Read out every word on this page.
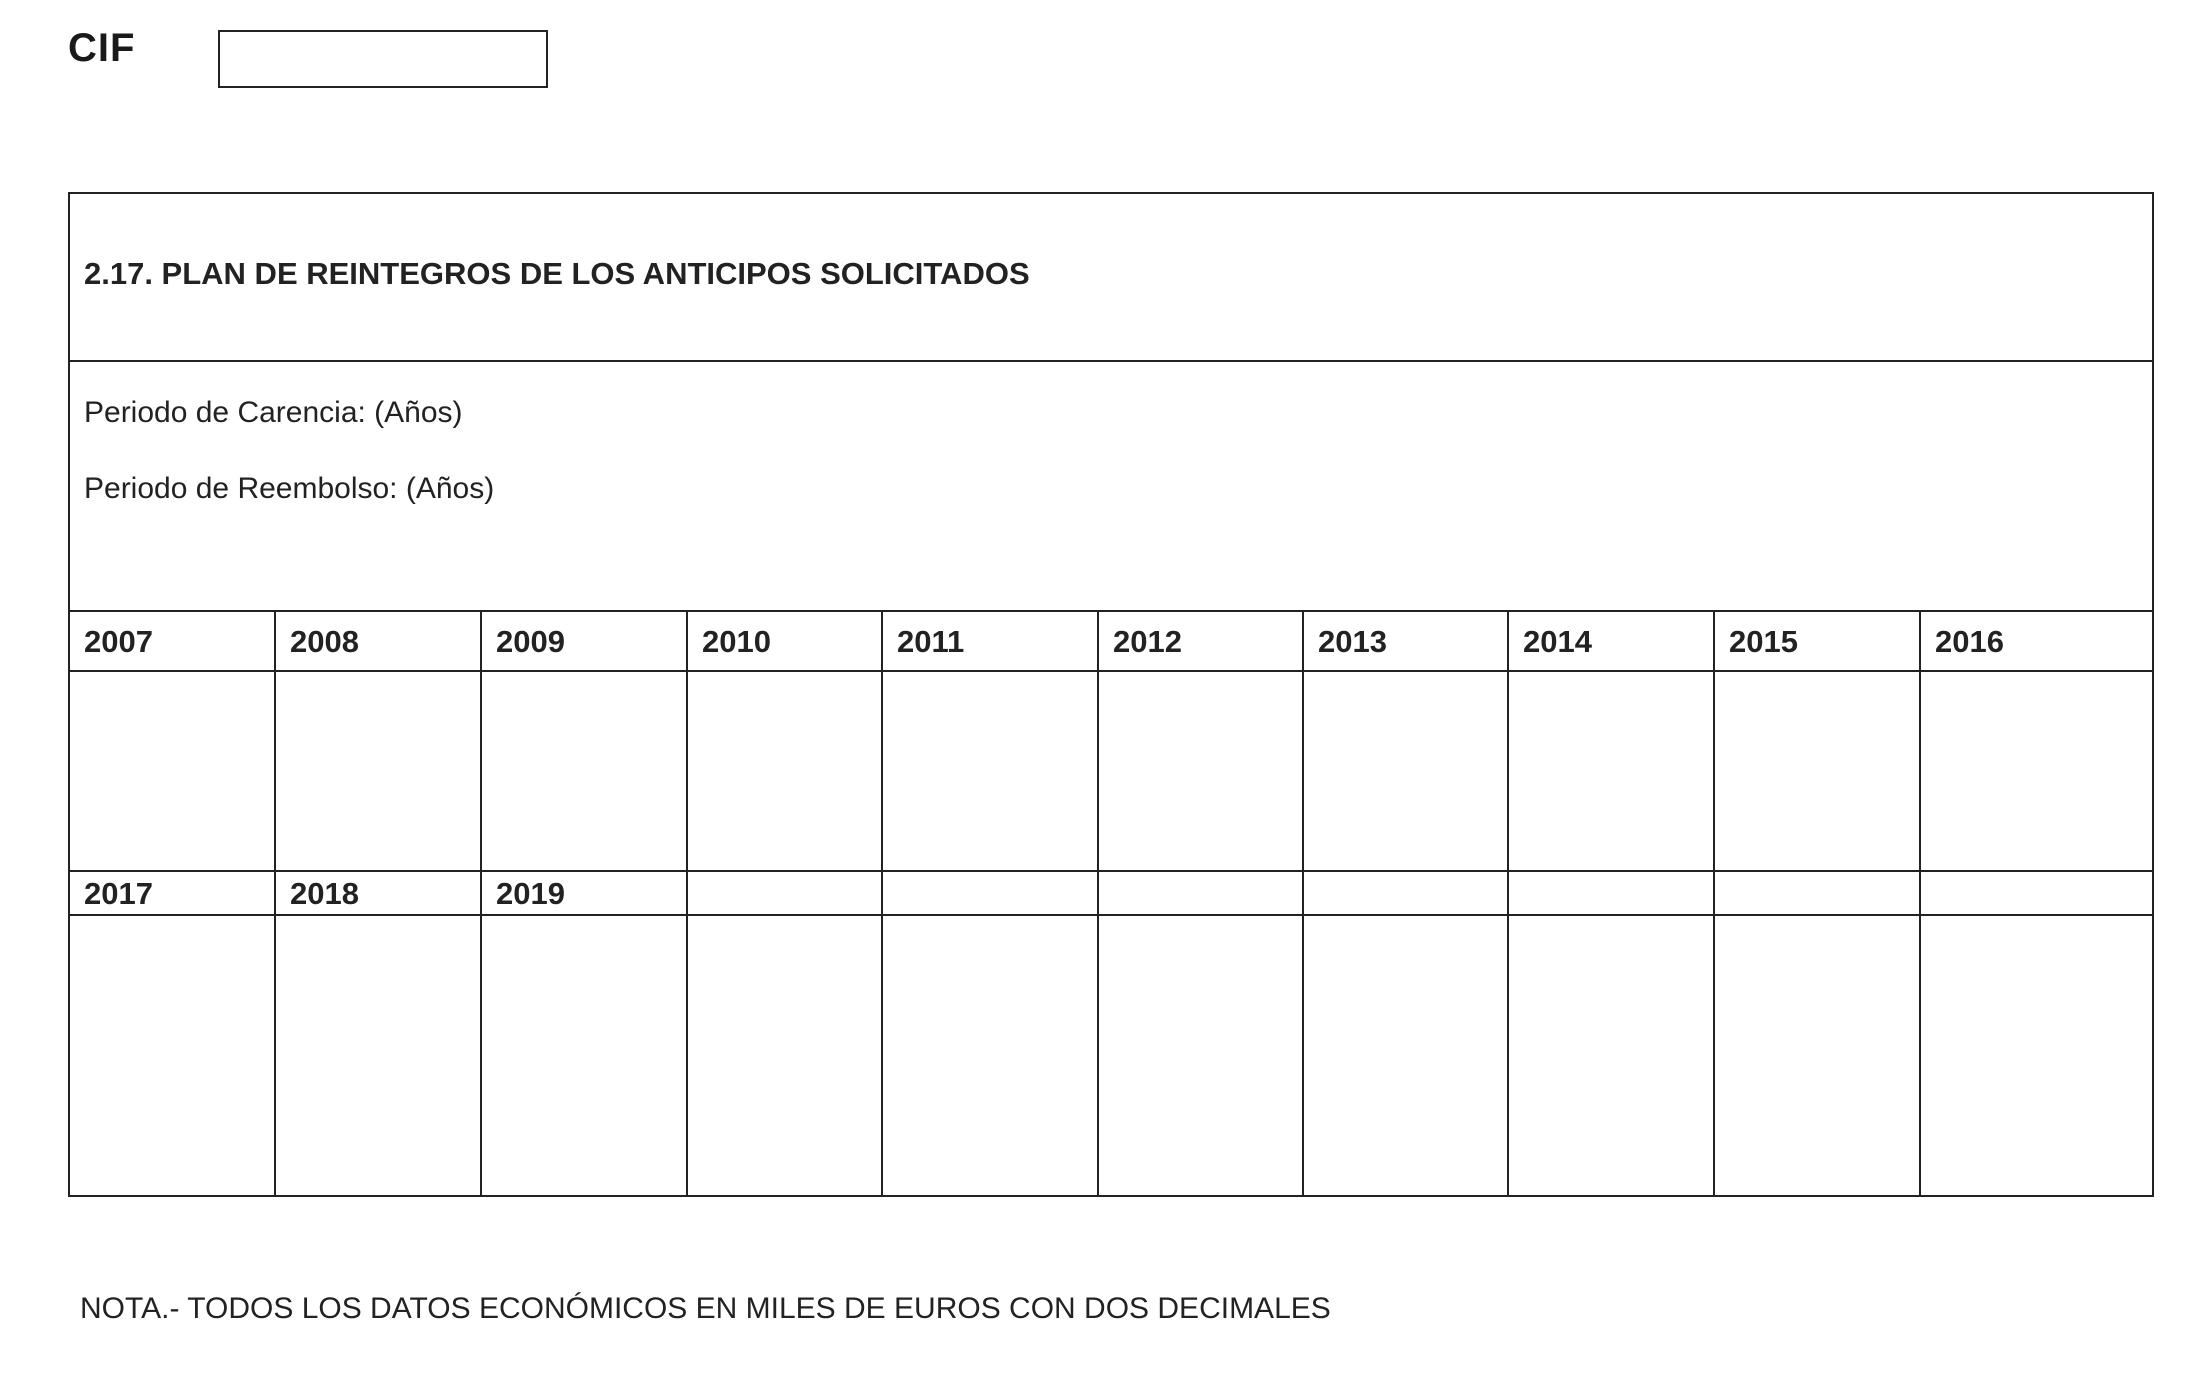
CIF
2.17. PLAN DE REINTEGROS DE LOS ANTICIPOS SOLICITADOS
Periodo de Carencia: (Años)
Periodo de Reembolso: (Años)
2007	2008	2009	2010	2011	2012	2013	2014	2015	2016
2017	2018	2019
NOTA.- TODOS LOS DATOS ECONÓMICOS EN MILES DE EUROS CON DOS DECIMALES
